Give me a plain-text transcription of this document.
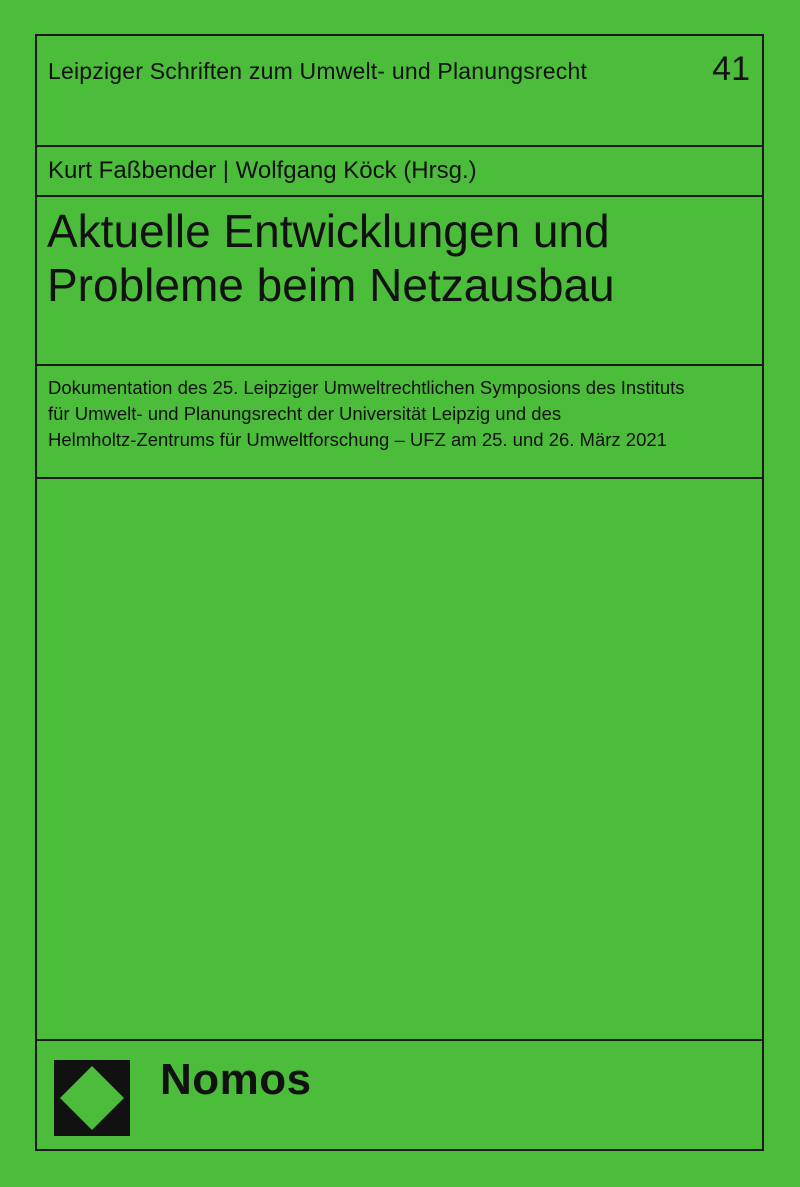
Leipziger Schriften zum Umwelt- und Planungsrecht	41
Kurt Faßbender | Wolfgang Köck (Hrsg.)
Aktuelle Entwicklungen und
Probleme beim Netzausbau
Dokumentation des 25. Leipziger Umweltrechtlichen Symposions des Instituts
für Umwelt- und Planungsrecht der Universität Leipzig und des
Helmholtz-Zentrums für Umweltforschung – UFZ am 25. und 26. März 2021
Nomos
